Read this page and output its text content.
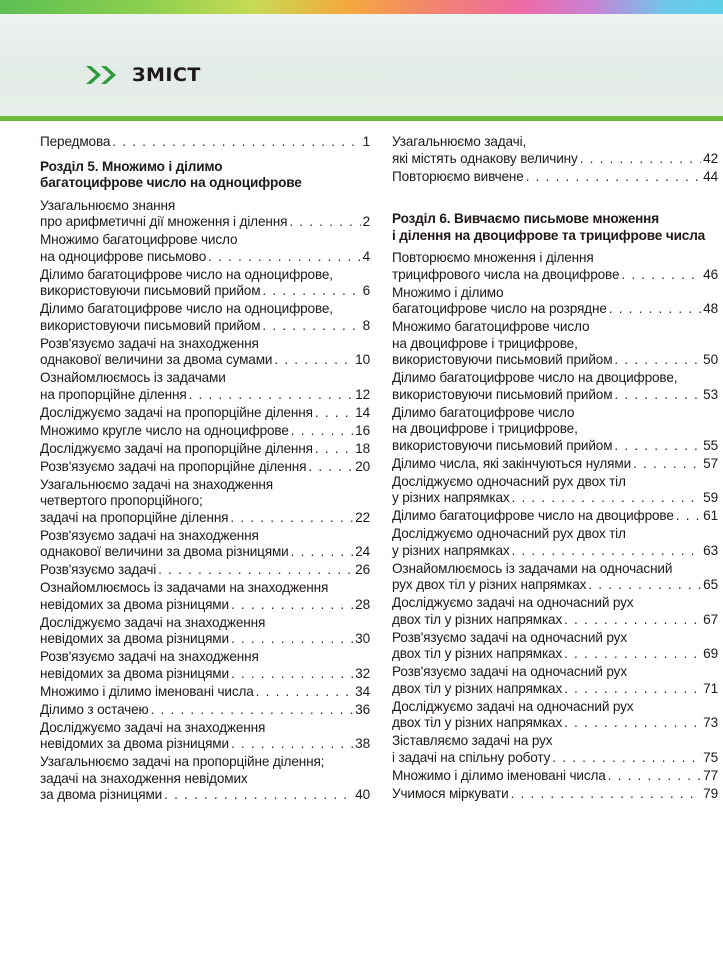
ЗМІСТ
Передмова . . .	1
Розділ 5. Множимо і ділимо
багатоцифрове число на одноцифрове
Узагальнюємо знання
про арифметичні дії множення і ділення . . .	2
Множимо багатоцифрове число
на одноцифрове письмово . . .	4
Ділимо багатоцифрове число на одноцифрове,
використовуючи письмовий прийом . . .	6
Ділимо багатоцифрове число на одноцифрове,
використовуючи письмовий прийом . . .	8
Розв'язуємо задачі на знаходження
однакової величини за двома сумами . . .	10
Ознайомлюємось із задачами
на пропорційне ділення . . .	12
Досліджуємо задачі на пропорційне ділення . . .	14
Множимо кругле число на одноцифрове . . .	16
Досліджуємо задачі на пропорційне ділення . . .	18
Розв'язуємо задачі на пропорційне ділення . . .	20
Узагальнюємо задачі на знаходження
четвертого пропорційного;
задачі на пропорційне ділення . . .	22
Розв'язуємо задачі на знаходження
однакової величини за двома різницями . . .	24
Розв'язуємо задачі . . .	26
Ознайомлюємось із задачами на знаходження
невідомих за двома різницями . . .	28
Досліджуємо задачі на знаходження
невідомих за двома різницями . . .	30
Розв'язуємо задачі на знаходження
невідомих за двома різницями . . .	32
Множимо і ділимо іменовані числа . . .	34
Ділимо з остачею . . .	36
Досліджуємо задачі на знаходження
невідомих за двома різницями . . .	38
Узагальнюємо задачі на пропорційне ділення;
задачі на знаходження невідомих
за двома різницями . . .	40
Узагальнюємо задачі,
які містять однакову величину . . .	42
Повторюємо вивчене . . .	44
Розділ 6. Вивчаємо письмове множення
і ділення на двоцифрове та трицифрове числа
Повторюємо множення і ділення
трицифрового числа на двоцифрове . . .	46
Множимо і ділимо
багатоцифрове число на розрядне . . .	48
Множимо багатоцифрове число
на двоцифрове і трицифрове,
використовуючи письмовий прийом . . .	50
Ділимо багатоцифрове число на двоцифрове,
використовуючи письмовий прийом . . .	53
Ділимо багатоцифрове число
на двоцифрове і трицифрове,
використовуючи письмовий прийом . . .	55
Ділимо числа, які закінчуються нулями . . .	57
Досліджуємо одночасний рух двох тіл
у різних напрямках . . .	59
Ділимо багатоцифрове число на двоцифрове . . . 61
Досліджуємо одночасний рух двох тіл
у різних напрямках . . .	63
Ознайомлюємось із задачами на одночасний
рух двох тіл у різних напрямках . . .	65
Досліджуємо задачі на одночасний рух
двох тіл у різних напрямках . . .	67
Розв'язуємо задачі на одночасний рух
двох тіл у різних напрямках . . .	69
Розв'язуємо задачі на одночасний рух
двох тіл у різних напрямках . . .	71
Досліджуємо задачі на одночасний рух
двох тіл у різних напрямках . . .	73
Зіставляємо задачі на рух
і задачі на спільну роботу . . .	75
Множимо і ділимо іменовані числа . . .	77
Учимося міркувати . . .	79
